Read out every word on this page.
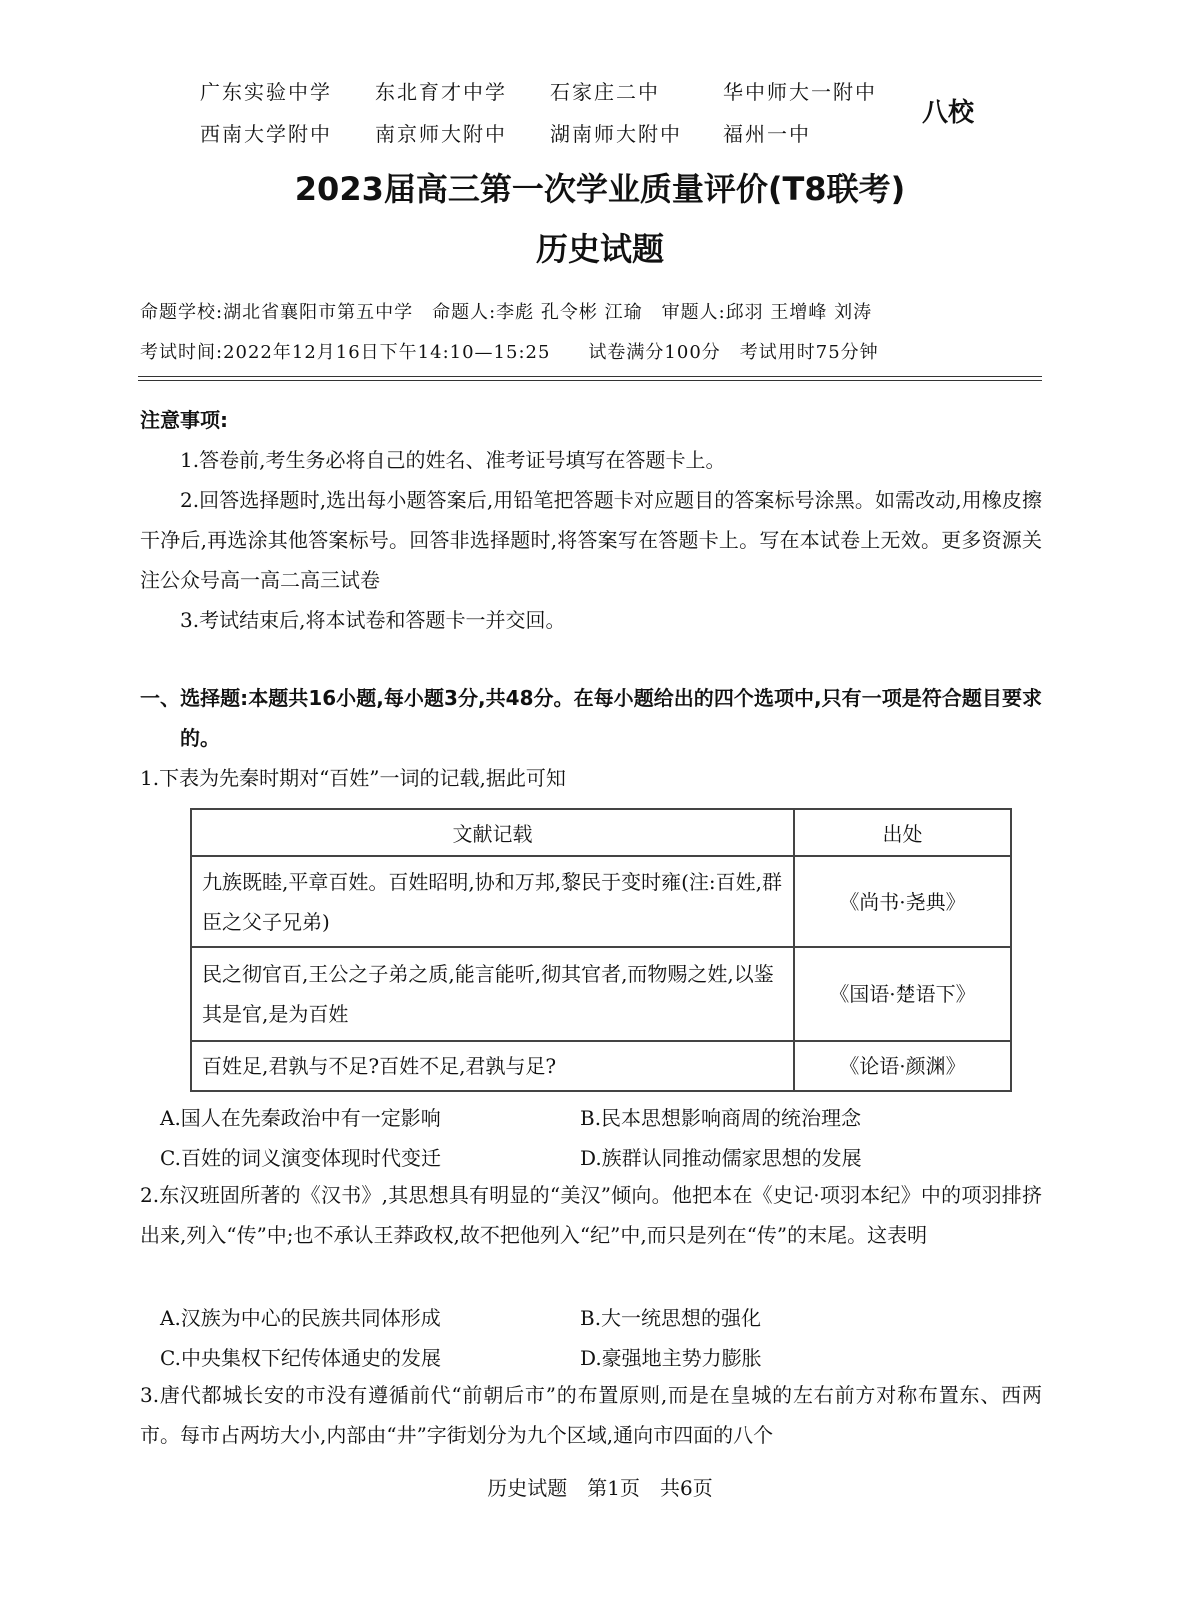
广东实验中学 东北育才中学 石家庄二中	华中师大一附中
西南大学附中 南京师大附中 湖南师大附中 福州一中
八校
2023届高三第一次学业质量评价(T8联考)
历史试题
命题学校:湖北省襄阳市第五中学　命题人:李彪 孔令彬 江瑜　审题人:邱羽 王增峰 刘涛
考试时间:2022年12月16日下午14:10—15:25　　试卷满分100分　考试用时75分钟
注意事项:
1.答卷前,考生务必将自己的姓名、准考证号填写在答题卡上。
2.回答选择题时,选出每小题答案后,用铅笔把答题卡对应题目的答案标号涂黑。如需改动,用橡皮擦干净后,再选涂其他答案标号。回答非选择题时,将答案写在答题卡上。写在本试卷上无效。更多资源关注公众号高一高二高三试卷
3.考试结束后,将本试卷和答题卡一并交回。
一、选择题:本题共16小题,每小题3分,共48分。在每小题给出的四个选项中,只有一项是符合题目要求的。
1.下表为先秦时期对“百姓”一词的记载,据此可知
文献记载	出处
九族既睦,平章百姓。百姓昭明,协和万邦,黎民于变时雍(注:百姓,群臣之父子兄弟)	《尚书·尧典》
民之彻官百,王公之子弟之质,能言能听,彻其官者,而物赐之姓,以鉴其是官,是为百姓	《国语·楚语下》
百姓足,君孰与不足?百姓不足,君孰与足?	《论语·颜渊》
A.国人在先秦政治中有一定影响	B.民本思想影响商周的统治理念
C.百姓的词义演变体现时代变迁	D.族群认同推动儒家思想的发展
2.东汉班固所著的《汉书》,其思想具有明显的“美汉”倾向。他把本在《史记·项羽本纪》中的项羽排挤出来,列入“传”中;也不承认王莽政权,故不把他列入“纪”中,而只是列在“传”的末尾。这表明
A.汉族为中心的民族共同体形成	B.大一统思想的强化
C.中央集权下纪传体通史的发展	D.豪强地主势力膨胀
3.唐代都城长安的市没有遵循前代“前朝后市”的布置原则,而是在皇城的左右前方对称布置东、西两市。每市占两坊大小,内部由“井”字街划分为九个区域,通向市四面的八个
历史试题　第1页　共6页
